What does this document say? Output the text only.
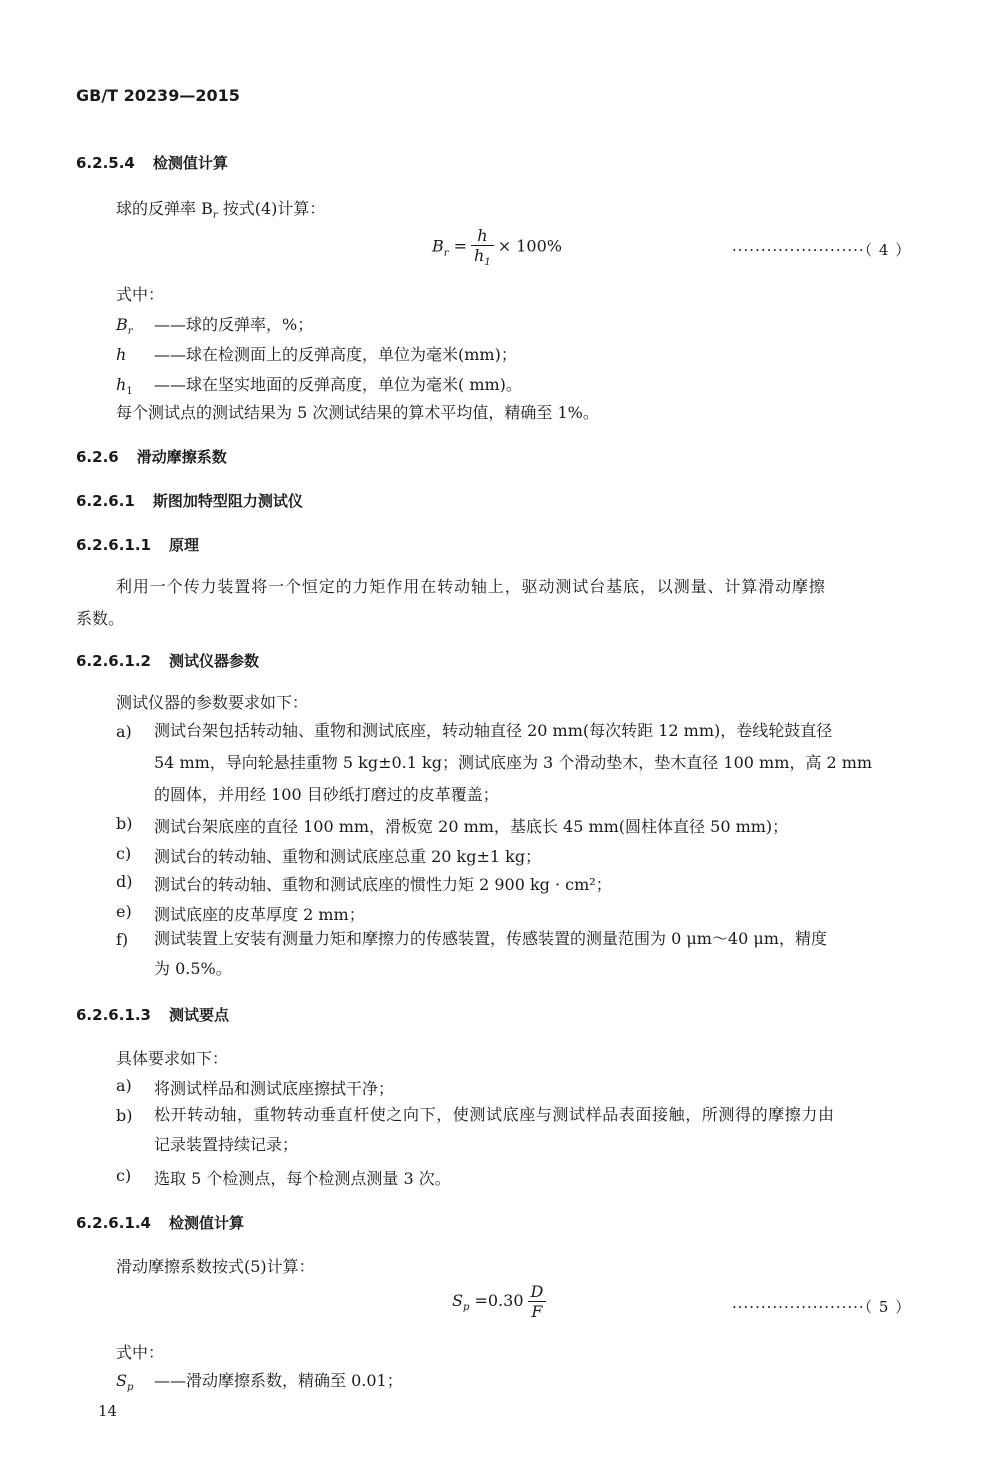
GB/T 20239—2015
6.2.5.4 检测值计算
球的反弹率 $B_r$ 按式(4)计算：
$B_r = \frac{h}{h_1} \times 100\%$	·······················（ 4 ）
式中：
$B_r$ ——球的反弹率，%；
h ——球在检测面上的反弹高度，单位为毫米(mm)；
$h_1$ ——球在坚实地面的反弹高度，单位为毫米( mm)。
每个测试点的测试结果为 5 次测试结果的算术平均值，精确至 1%。
6.2.6 滑动摩擦系数
6.2.6.1 斯图加特型阻力测试仪
6.2.6.1.1 原理
利用一个传力装置将一个恒定的力矩作用在转动轴上，驱动测试台基底，以测量、计算滑动摩擦
系数。
6.2.6.1.2 测试仪器参数
测试仪器的参数要求如下：
a) 测试台架包括转动轴、重物和测试底座，转动轴直径 20 mm(每次转距 12 mm)，卷线轮鼓直径
54 mm，导向轮悬挂重物 5 kg±0.1 kg；测试底座为 3 个滑动垫木，垫木直径 100 mm，高 2 mm
的圆体，并用经 100 目砂纸打磨过的皮革覆盖；
b) 测试台架底座的直径 100 mm，滑板宽 20 mm，基底长 45 mm(圆柱体直径 50 mm)；
c) 测试台的转动轴、重物和测试底座总重 20 kg±1 kg；
d) 测试台的转动轴、重物和测试底座的惯性力矩 2 900 kg · cm²；
e) 测试底座的皮革厚度 2 mm；
f) 测试装置上安装有测量力矩和摩擦力的传感装置，传感装置的测量范围为 0 μm～40 μm，精度
为 0.5%。
6.2.6.1.3 测试要点
具体要求如下：
a) 将测试样品和测试底座擦拭干净；
b) 松开转动轴，重物转动垂直杆使之向下，使测试底座与测试样品表面接触，所测得的摩擦力由
记录装置持续记录；
c) 选取 5 个检测点，每个检测点测量 3 次。
6.2.6.1.4 检测值计算
滑动摩擦系数按式(5)计算：
$S_p =0.30 \frac{D}{F}$	·······················（ 5 ）
式中：
$S_p$ ——滑动摩擦系数，精确至 0.01；
14
